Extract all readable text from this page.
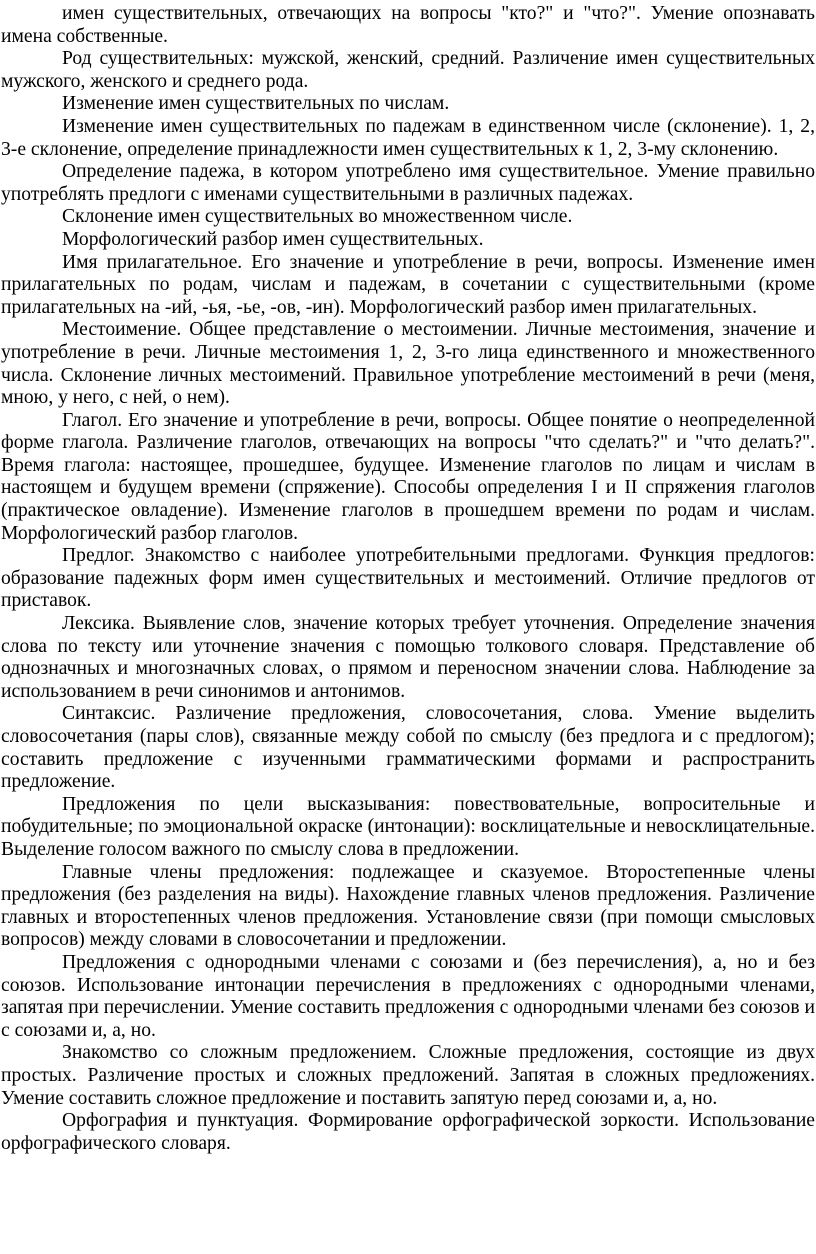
имен существительных, отвечающих на вопросы "кто?" и "что?". Умение опознавать имена собственные.

Род существительных: мужской, женский, средний. Различение имен существительных мужского, женского и среднего рода.

Изменение имен существительных по числам.

Изменение имен существительных по падежам в единственном числе (склонение). 1, 2, 3-е склонение, определение принадлежности имен существительных к 1, 2, 3-му склонению.

Определение падежа, в котором употреблено имя существительное. Умение правильно употреблять предлоги с именами существительными в различных падежах.

Склонение имен существительных во множественном числе.

Морфологический разбор имен существительных.

Имя прилагательное. Его значение и употребление в речи, вопросы. Изменение имен прилагательных по родам, числам и падежам, в сочетании с существительными (кроме прилагательных на -ий, -ья, -ье, -ов, -ин). Морфологический разбор имен прилагательных.

Местоимение. Общее представление о местоимении. Личные местоимения, значение и употребление в речи. Личные местоимения 1, 2, 3-го лица единственного и множественного числа. Склонение личных местоимений. Правильное употребление местоимений в речи (меня, мною, у него, с ней, о нем).

Глагол. Его значение и употребление в речи, вопросы. Общее понятие о неопределенной форме глагола. Различение глаголов, отвечающих на вопросы "что сделать?" и "что делать?". Время глагола: настоящее, прошедшее, будущее. Изменение глаголов по лицам и числам в настоящем и будущем времени (спряжение). Способы определения I и II спряжения глаголов (практическое овладение). Изменение глаголов в прошедшем времени по родам и числам. Морфологический разбор глаголов.

Предлог. Знакомство с наиболее употребительными предлогами. Функция предлогов: образование падежных форм имен существительных и местоимений. Отличие предлогов от приставок.

Лексика. Выявление слов, значение которых требует уточнения. Определение значения слова по тексту или уточнение значения с помощью толкового словаря. Представление об однозначных и многозначных словах, о прямом и переносном значении слова. Наблюдение за использованием в речи синонимов и антонимов.

Синтаксис. Различение предложения, словосочетания, слова. Умение выделить словосочетания (пары слов), связанные между собой по смыслу (без предлога и с предлогом); составить предложение с изученными грамматическими формами и распространить предложение.

Предложения по цели высказывания: повествовательные, вопросительные и побудительные; по эмоциональной окраске (интонации): восклицательные и невосклицательные. Выделение голосом важного по смыслу слова в предложении.

Главные члены предложения: подлежащее и сказуемое. Второстепенные члены предложения (без разделения на виды). Нахождение главных членов предложения. Различение главных и второстепенных членов предложения. Установление связи (при помощи смысловых вопросов) между словами в словосочетании и предложении.

Предложения с однородными членами с союзами и (без перечисления), а, но и без союзов. Использование интонации перечисления в предложениях с однородными членами, запятая при перечислении. Умение составить предложения с однородными членами без союзов и с союзами и, а, но.

Знакомство со сложным предложением. Сложные предложения, состоящие из двух простых. Различение простых и сложных предложений. Запятая в сложных предложениях. Умение составить сложное предложение и поставить запятую перед союзами и, а, но.

Орфография и пунктуация. Формирование орфографической зоркости. Использование орфографического словаря.
